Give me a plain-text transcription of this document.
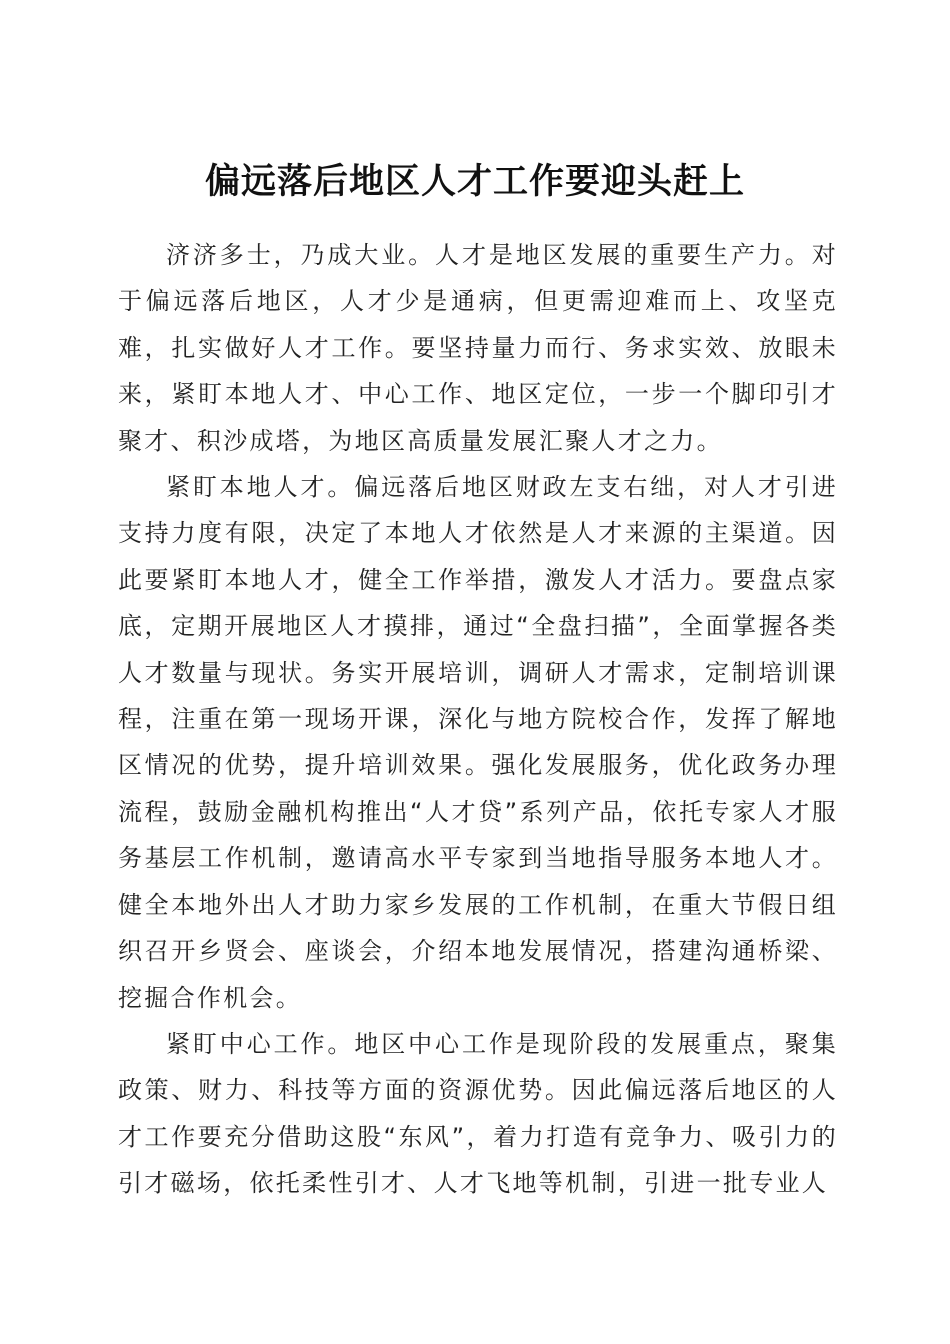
偏远落后地区人才工作要迎头赶上

济济多士，乃成大业。人才是地区发展的重要生产力。对于偏远落后地区，人才少是通病，但更需迎难而上、攻坚克难，扎实做好人才工作。要坚持量力而行、务求实效、放眼未来，紧盯本地人才、中心工作、地区定位，一步一个脚印引才聚才、积沙成塔，为地区高质量发展汇聚人才之力。

紧盯本地人才。偏远落后地区财政左支右绌，对人才引进支持力度有限，决定了本地人才依然是人才来源的主渠道。因此要紧盯本地人才，健全工作举措，激发人才活力。要盘点家底，定期开展地区人才摸排，通过“全盘扫描”，全面掌握各类人才数量与现状。务实开展培训，调研人才需求，定制培训课程，注重在第一现场开课，深化与地方院校合作，发挥了解地区情况的优势，提升培训效果。强化发展服务，优化政务办理流程，鼓励金融机构推出“人才贷”系列产品，依托专家人才服务基层工作机制，邀请高水平专家到当地指导服务本地人才。健全本地外出人才助力家乡发展的工作机制，在重大节假日组织召开乡贤会、座谈会，介绍本地发展情况，搭建沟通桥梁、挖掘合作机会。

紧盯中心工作。地区中心工作是现阶段的发展重点，聚集政策、财力、科技等方面的资源优势。因此偏远落后地区的人才工作要充分借助这股“东风”，着力打造有竞争力、吸引力的引才磁场，依托柔性引才、人才飞地等机制，引进一批专业人
